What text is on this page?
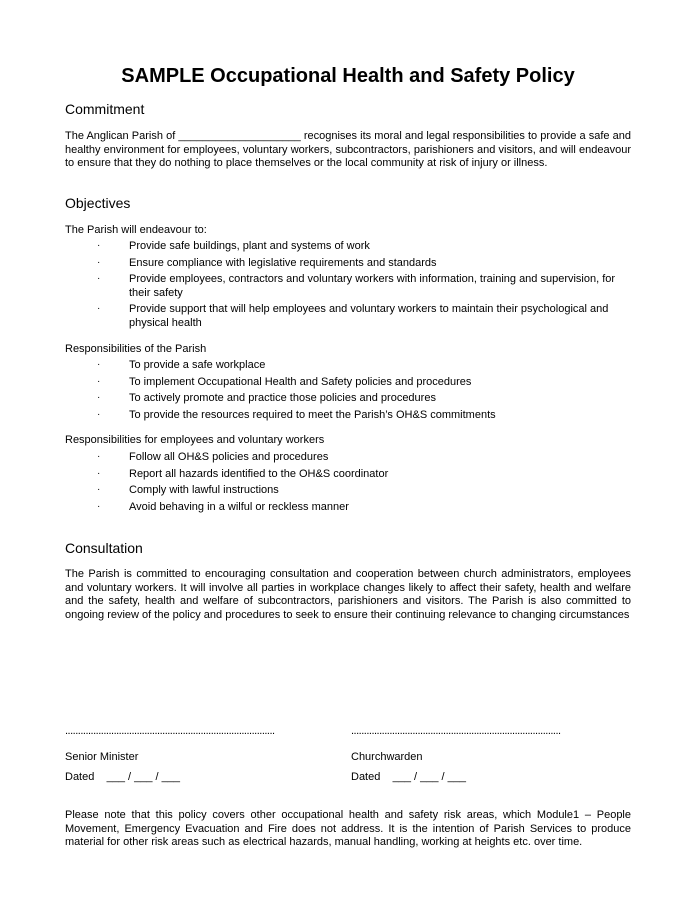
SAMPLE Occupational Health and Safety Policy
Commitment
The Anglican Parish of ____________________ recognises its moral and legal responsibilities to provide a safe and healthy environment for employees, voluntary workers, subcontractors, parishioners and visitors, and will endeavour to ensure that they do nothing to place themselves or the local community at risk of injury or illness.
Objectives
The Parish will endeavour to:
·	Provide safe buildings, plant and systems of work
·	Ensure compliance with legislative requirements and standards
·	Provide employees, contractors and voluntary workers with information, training and supervision, for their safety
·	Provide support that will help employees and voluntary workers to maintain their psychological and physical health
Responsibilities of the Parish
·	To provide a safe workplace
·	To implement Occupational Health and Safety policies and procedures
·	To actively promote and practice those policies and procedures
·	To provide the resources required to meet the Parish’s OH&S commitments
Responsibilities for employees and voluntary workers
·	Follow all OH&S policies and procedures
·	Report all hazards identified to the OH&S coordinator
·	Comply with lawful instructions
·	Avoid behaving in a wilful or reckless manner
Consultation
The Parish is committed to encouraging consultation and cooperation between church administrators, employees and voluntary workers. It will involve all parties in workplace changes likely to affect their safety, health and welfare and the safety, health and welfare of subcontractors, parishioners and visitors. The Parish is also committed to ongoing review of the policy and procedures to seek to ensure their continuing relevance to changing circumstances
..................................................................................	..................................................................................
Senior Minister	Churchwarden
Dated    ___ / ___ / ___	Dated    ___ / ___ / ___
Please note that this policy covers other occupational health and safety risk areas, which Module1 – People Movement, Emergency Evacuation and Fire does not address. It is the intention of Parish Services to produce material for other risk areas such as electrical hazards, manual handling, working at heights etc. over time.
